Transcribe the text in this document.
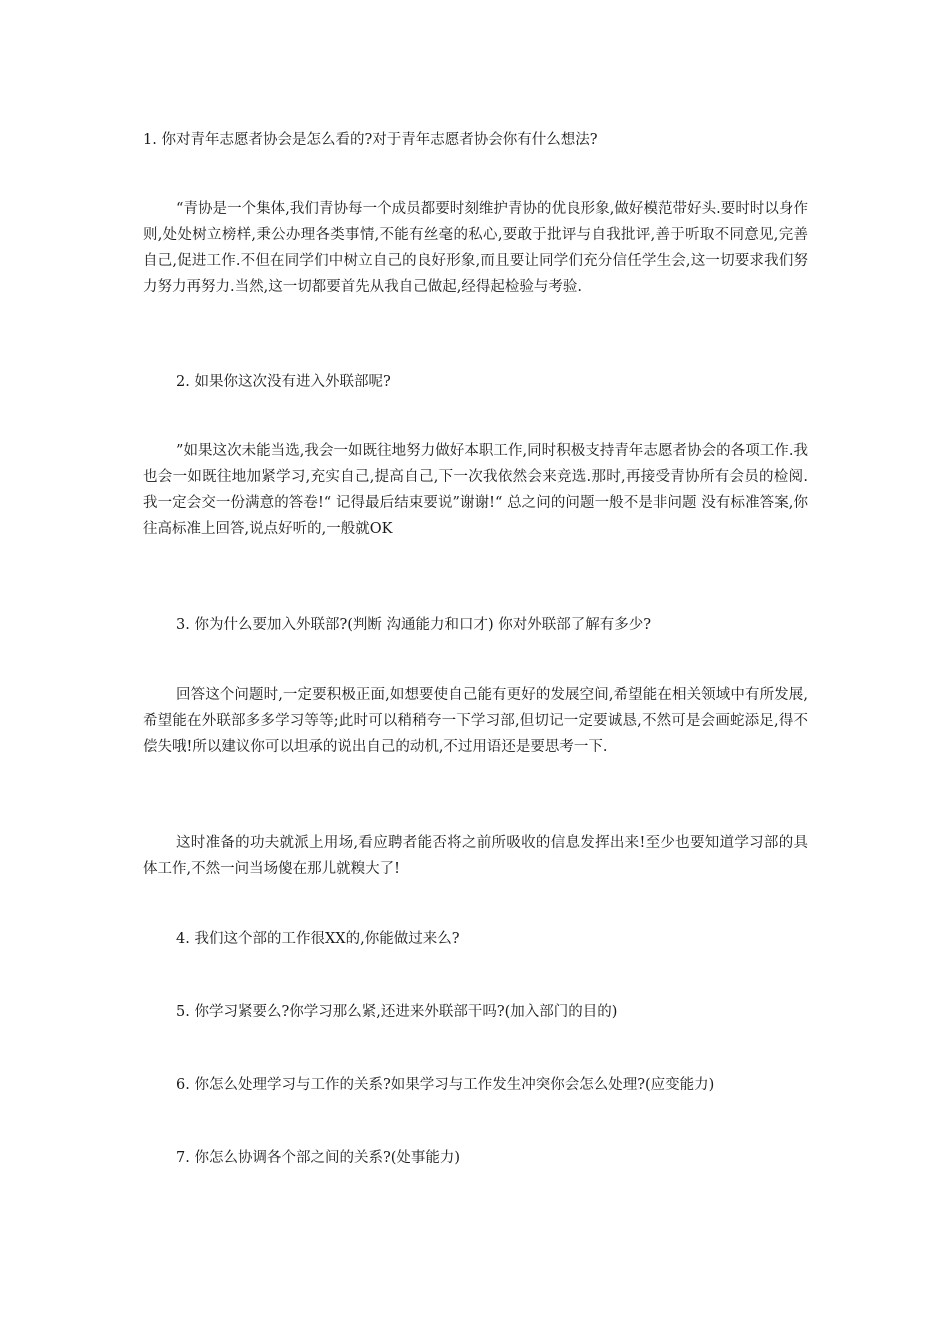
1. 你对青年志愿者协会是怎么看的?对于青年志愿者协会你有什么想法?

“青协是一个集体,我们青协每一个成员都要时刻维护青协的优良形象,做好模范带好头.要时时以身作则,处处树立榜样,秉公办理各类事情,不能有丝毫的私心,要敢于批评与自我批评,善于听取不同意见,完善自己,促进工作.不但在同学们中树立自己的良好形象,而且要让同学们充分信任学生会,这一切要求我们努力努力再努力.当然,这一切都要首先从我自己做起,经得起检验与考验.

2. 如果你这次没有进入外联部呢?

”如果这次未能当选,我会一如既往地努力做好本职工作,同时积极支持青年志愿者协会的各项工作.我也会一如既往地加紧学习,充实自己,提高自己,下一次我依然会来竞选.那时,再接受青协所有会员的检阅.我一定会交一份满意的答卷!“ 记得最后结束要说”谢谢!“ 总之问的问题一般不是非问题 没有标准答案,你往高标准上回答,说点好听的,一般就OK

3. 你为什么要加入外联部?(判断 沟通能力和口才) 你对外联部了解有多少?

回答这个问题时,一定要积极正面,如想要使自己能有更好的发展空间,希望能在相关领域中有所发展,希望能在外联部多多学习等等;此时可以稍稍夸一下学习部,但切记一定要诚恳,不然可是会画蛇添足,得不偿失哦!所以建议你可以坦承的说出自己的动机,不过用语还是要思考一下.

这时准备的功夫就派上用场,看应聘者能否将之前所吸收的信息发挥出来!至少也要知道学习部的具体工作,不然一问当场傻在那儿就糗大了!

4. 我们这个部的工作很XX的,你能做过来么?

5. 你学习紧要么?你学习那么紧,还进来外联部干吗?(加入部门的目的)

6. 你怎么处理学习与工作的关系?如果学习与工作发生冲突你会怎么处理?(应变能力)

7. 你怎么协调各个部之间的关系?(处事能力)
